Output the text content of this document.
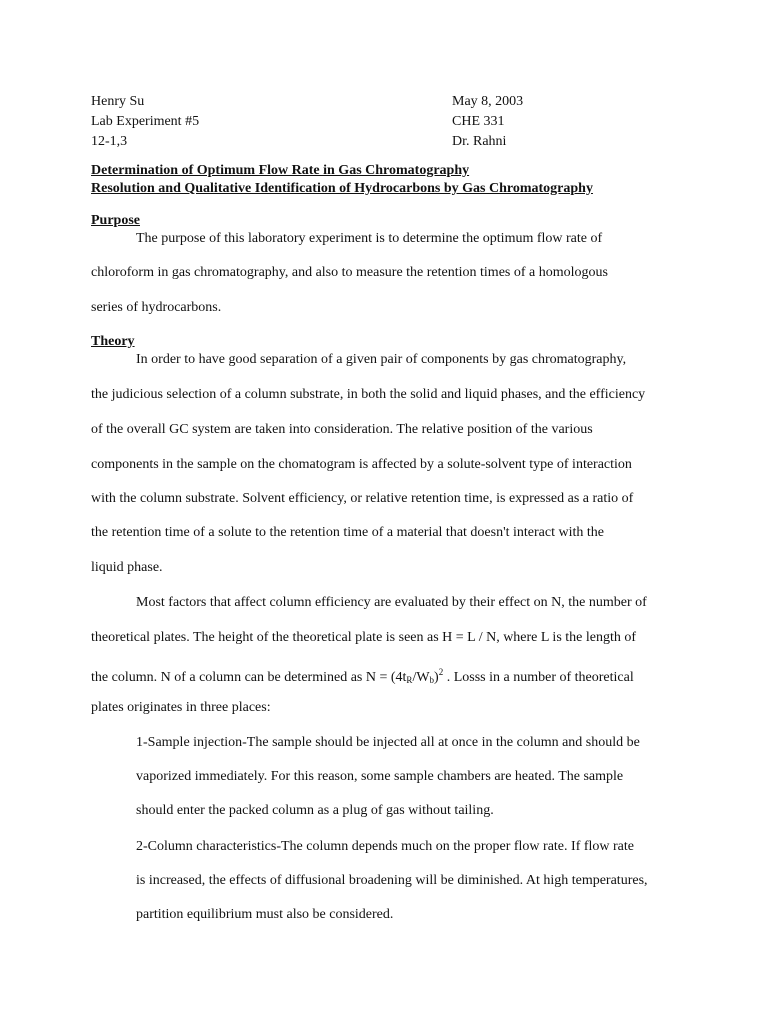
Henry Su
Lab Experiment #5
12-1,3
May 8, 2003
CHE 331
Dr. Rahni
Determination of Optimum Flow Rate in Gas Chromatography
Resolution and Qualitative Identification of Hydrocarbons by Gas Chromatography
Purpose
The purpose of this laboratory experiment is to determine the optimum flow rate of
chloroform in gas chromatography, and also to measure the retention times of a homologous
series of hydrocarbons.
Theory
In order to have good separation of a given pair of components by gas chromatography,
the judicious selection of a column substrate, in both the solid and liquid phases, and the efficiency
of the overall GC system are taken into consideration. The relative position of the various
components in the sample on the chomatogram is affected by a solute-solvent type of interaction
with the column substrate. Solvent efficiency, or relative retention time, is expressed as a ratio of
the retention time of a solute to the retention time of a material that doesn't interact with the
liquid phase.
Most factors that affect column efficiency are evaluated by their effect on N, the number of
theoretical plates. The height of the theoretical plate is seen as H = L / N, where L is the length of
the column. N of a column can be determined as $N = (4t_R/W_b)^2$ . Losss in a number of theoretical
plates originates in three places:
1-Sample injection-The sample should be injected all at once in the column and should be
vaporized immediately. For this reason, some sample chambers are heated. The sample
should enter the packed column as a plug of gas without tailing.
2-Column characteristics-The column depends much on the proper flow rate. If flow rate
is increased, the effects of diffusional broadening will be diminished. At high temperatures,
partition equilibrium must also be considered.
